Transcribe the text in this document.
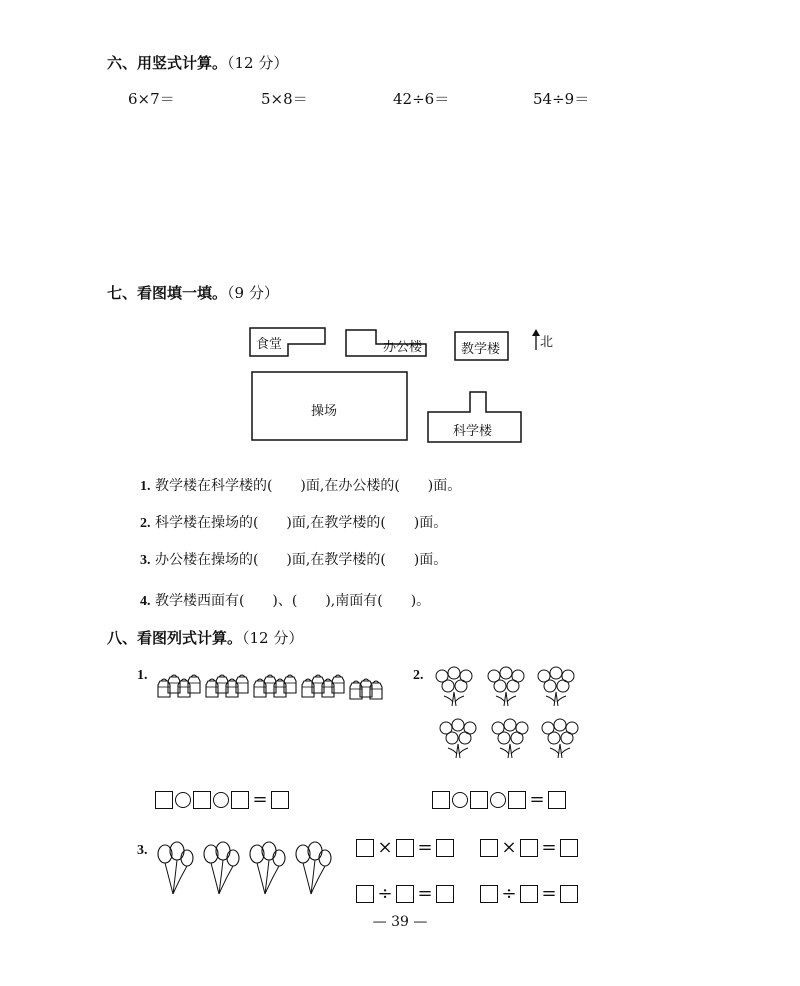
六、用竖式计算。（12 分）
6×7＝	5×8＝	42÷6＝	54÷9＝
七、看图填一填。（9 分）
食堂	办公楼	教学楼	北
操场
科学楼
1. 教学楼在科学楼的(　　)面,在办公楼的(　　)面。
2. 科学楼在操场的(　　)面,在教学楼的(　　)面。
3. 办公楼在操场的(　　)面,在教学楼的(　　)面。
4. 教学楼西面有(　　)、(　　),南面有(　　)。
八、看图列式计算。（12 分）
1.	2.
3.
=	=
× =	× =
÷ =	÷ =
— 39 —
